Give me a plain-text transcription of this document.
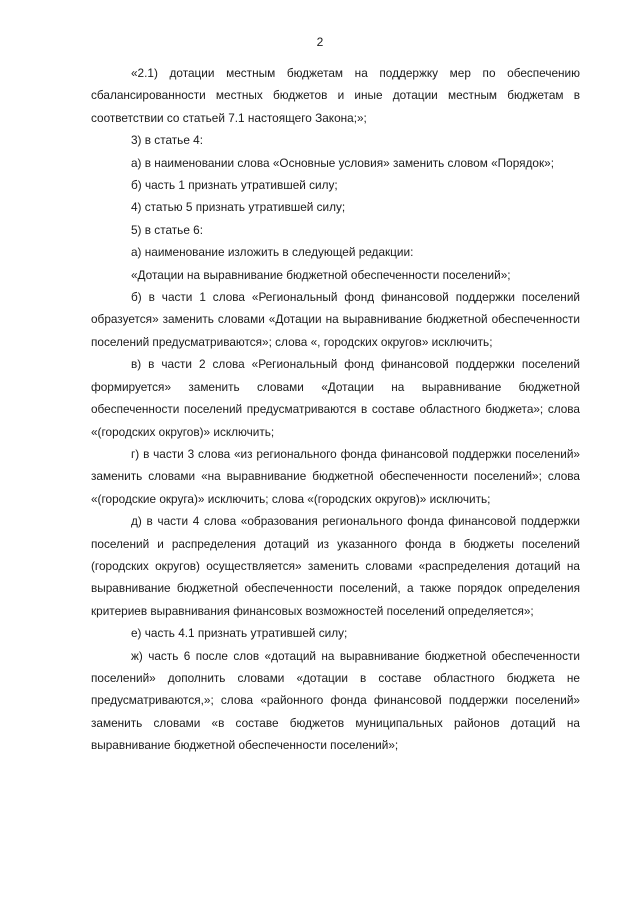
2

«2.1) дотации местным бюджетам на поддержку мер по обеспечению сбалансированности местных бюджетов и иные дотации местным бюджетам в соответствии со статьей 7.1 настоящего Закона;»;

3) в статье 4:

а) в наименовании слова «Основные условия» заменить словом «Порядок»;

б) часть 1 признать утратившей силу;

4) статью 5 признать утратившей силу;

5) в статье 6:

а) наименование изложить в следующей редакции:

«Дотации на выравнивание бюджетной обеспеченности поселений»;

б) в части 1 слова «Региональный фонд финансовой поддержки поселений образуется» заменить словами «Дотации на выравнивание бюджетной обеспеченности поселений предусматриваются»; слова «, городских округов» исключить;

в) в части 2 слова «Региональный фонд финансовой поддержки поселений формируется» заменить словами «Дотации на выравнивание бюджетной обеспеченности поселений предусматриваются в составе областного бюджета»; слова «(городских округов)» исключить;

г) в части 3 слова «из регионального фонда финансовой поддержки поселений» заменить словами «на выравнивание бюджетной обеспеченности поселений»; слова «(городские округа)» исключить; слова «(городских округов)» исключить;

д) в части 4 слова «образования регионального фонда финансовой поддержки поселений и распределения дотаций из указанного фонда в бюджеты поселений (городских округов) осуществляется» заменить словами «распределения дотаций на выравнивание бюджетной обеспеченности поселений, а также порядок определения критериев выравнивания финансовых возможностей поселений определяется»;

е) часть 4.1 признать утратившей силу;

ж) часть 6 после слов «дотаций на выравнивание бюджетной обеспеченности поселений» дополнить словами «дотации в составе областного бюджета не предусматриваются,»; слова «районного фонда финансовой поддержки поселений» заменить словами «в составе бюджетов муниципальных районов дотаций на выравнивание бюджетной обеспеченности поселений»;
